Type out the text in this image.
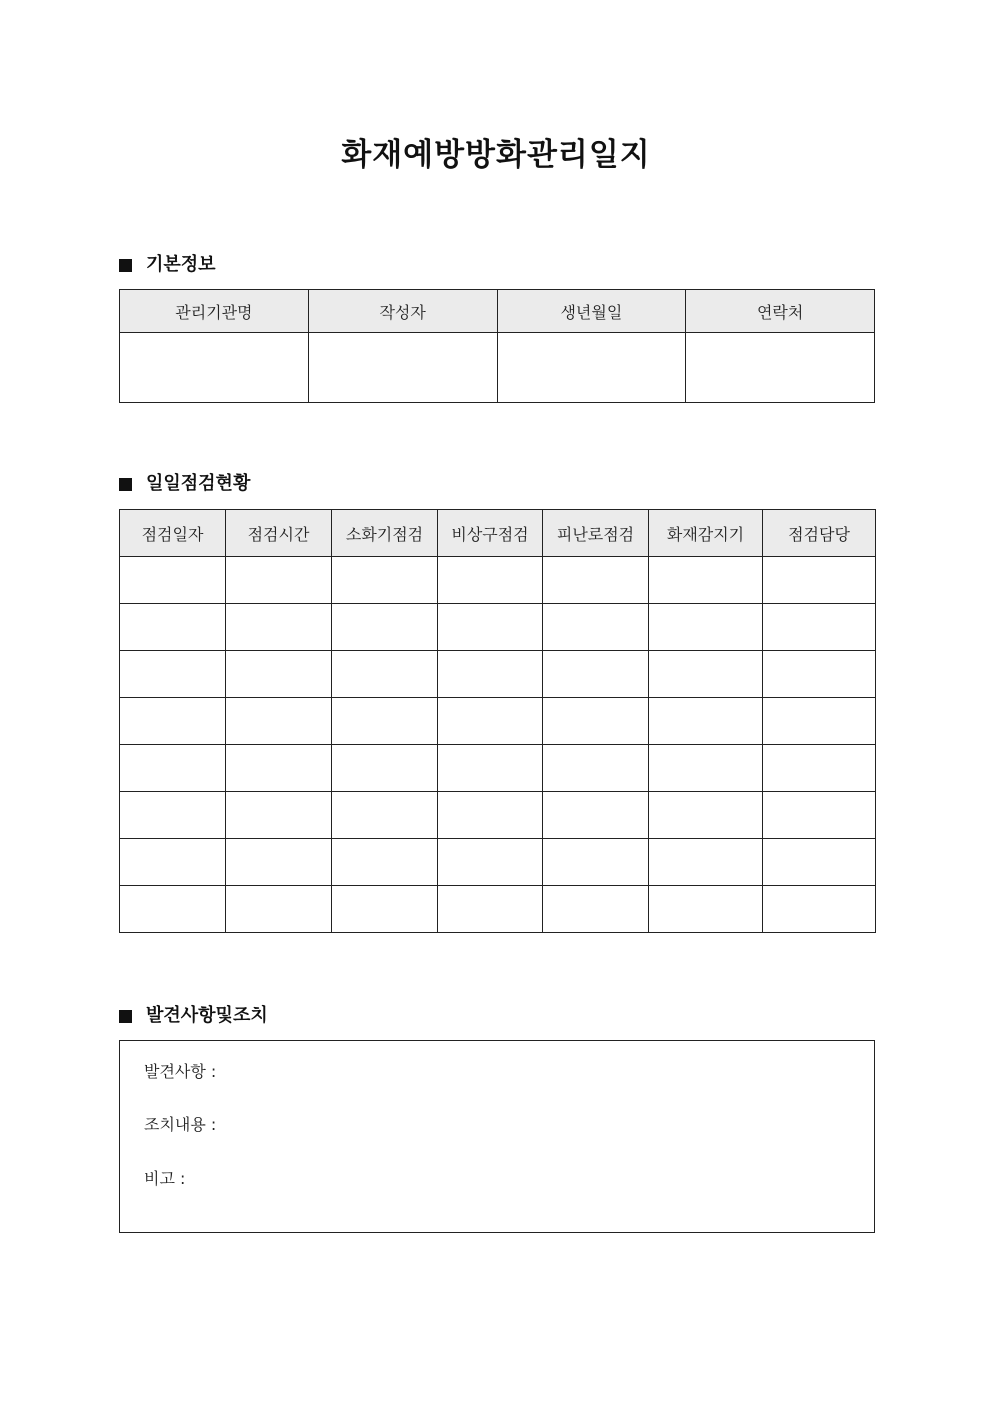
화재예방방화관리일지
기본정보
관리기관명	작성자	생년월일	연락처

일일점검현황
점검일자	점검시간	소화기점검	비상구점검	피난로점검	화재감지기	점검담당

발견사항및조치
발견사항 :
조치내용 :
비고 :
